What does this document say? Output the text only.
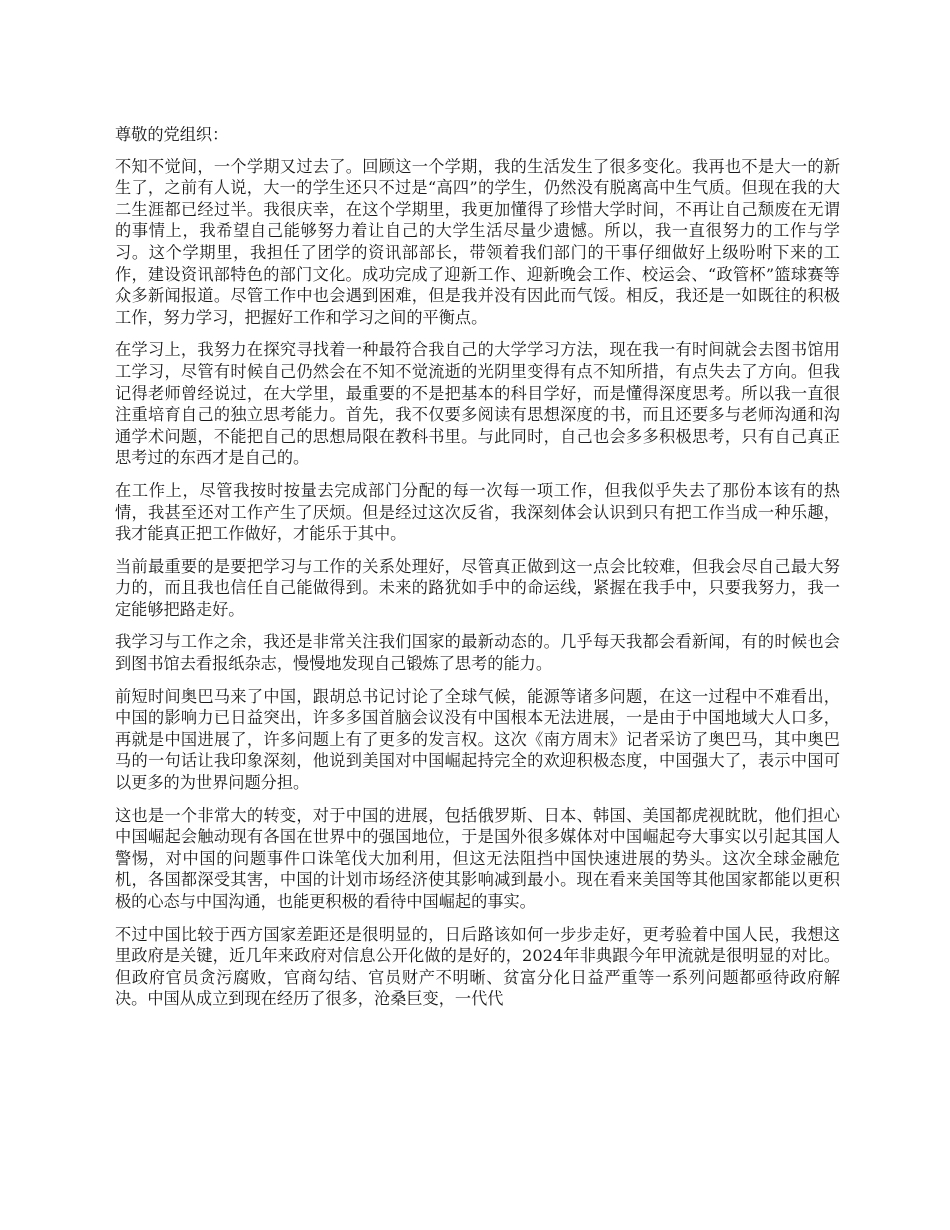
尊敬的党组织：

不知不觉间，一个学期又过去了。回顾这一个学期，我的生活发生了很多变化。我再也不是大一的新生了，之前有人说，大一的学生还只不过是“高四”的学生，仍然没有脱离高中生气质。但现在我的大二生涯都已经过半。我很庆幸，在这个学期里，我更加懂得了珍惜大学时间，不再让自己颓废在无谓的事情上，我希望自己能够努力着让自己的大学生活尽量少遗憾。所以，我一直很努力的工作与学习。这个学期里，我担任了团学的资讯部部长，带领着我们部门的干事仔细做好上级吩咐下来的工作，建设资讯部特色的部门文化。成功完成了迎新工作、迎新晚会工作、校运会、“政管杯”篮球赛等众多新闻报道。尽管工作中也会遇到困难，但是我并没有因此而气馁。相反，我还是一如既往的积极工作，努力学习，把握好工作和学习之间的平衡点。

在学习上，我努力在探究寻找着一种最符合我自己的大学学习方法，现在我一有时间就会去图书馆用工学习，尽管有时候自己仍然会在不知不觉流逝的光阴里变得有点不知所措，有点失去了方向。但我记得老师曾经说过，在大学里，最重要的不是把基本的科目学好，而是懂得深度思考。所以我一直很注重培育自己的独立思考能力。首先，我不仅要多阅读有思想深度的书，而且还要多与老师沟通和沟通学术问题，不能把自己的思想局限在教科书里。与此同时，自己也会多多积极思考，只有自己真正思考过的东西才是自己的。

在工作上，尽管我按时按量去完成部门分配的每一次每一项工作，但我似乎失去了那份本该有的热情，我甚至还对工作产生了厌烦。但是经过这次反省，我深刻体会认识到只有把工作当成一种乐趣，我才能真正把工作做好，才能乐于其中。

当前最重要的是要把学习与工作的关系处理好，尽管真正做到这一点会比较难，但我会尽自己最大努力的，而且我也信任自己能做得到。未来的路犹如手中的命运线，紧握在我手中，只要我努力，我一定能够把路走好。

我学习与工作之余，我还是非常关注我们国家的最新动态的。几乎每天我都会看新闻，有的时候也会到图书馆去看报纸杂志，慢慢地发现自己锻炼了思考的能力。

前短时间奥巴马来了中国，跟胡总书记讨论了全球气候，能源等诸多问题，在这一过程中不难看出，中国的影响力已日益突出，许多多国首脑会议没有中国根本无法进展，一是由于中国地域大人口多，再就是中国进展了，许多问题上有了更多的发言权。这次《南方周末》记者采访了奥巴马，其中奥巴马的一句话让我印象深刻，他说到美国对中国崛起持完全的欢迎积极态度，中国强大了，表示中国可以更多的为世界问题分担。

这也是一个非常大的转变，对于中国的进展，包括俄罗斯、日本、韩国、美国都虎视眈眈，他们担心中国崛起会触动现有各国在世界中的强国地位，于是国外很多媒体对中国崛起夸大事实以引起其国人警惕，对中国的问题事件口诛笔伐大加利用，但这无法阻挡中国快速进展的势头。这次全球金融危机，各国都深受其害，中国的计划市场经济使其影响减到最小。现在看来美国等其他国家都能以更积极的心态与中国沟通，也能更积极的看待中国崛起的事实。

不过中国比较于西方国家差距还是很明显的，日后路该如何一步步走好，更考验着中国人民，我想这里政府是关键，近几年来政府对信息公开化做的是好的，2024年非典跟今年甲流就是很明显的对比。但政府官员贪污腐败，官商勾结、官员财产不明晰、贫富分化日益严重等一系列问题都亟待政府解决。中国从成立到现在经历了很多，沧桑巨变，一代代
